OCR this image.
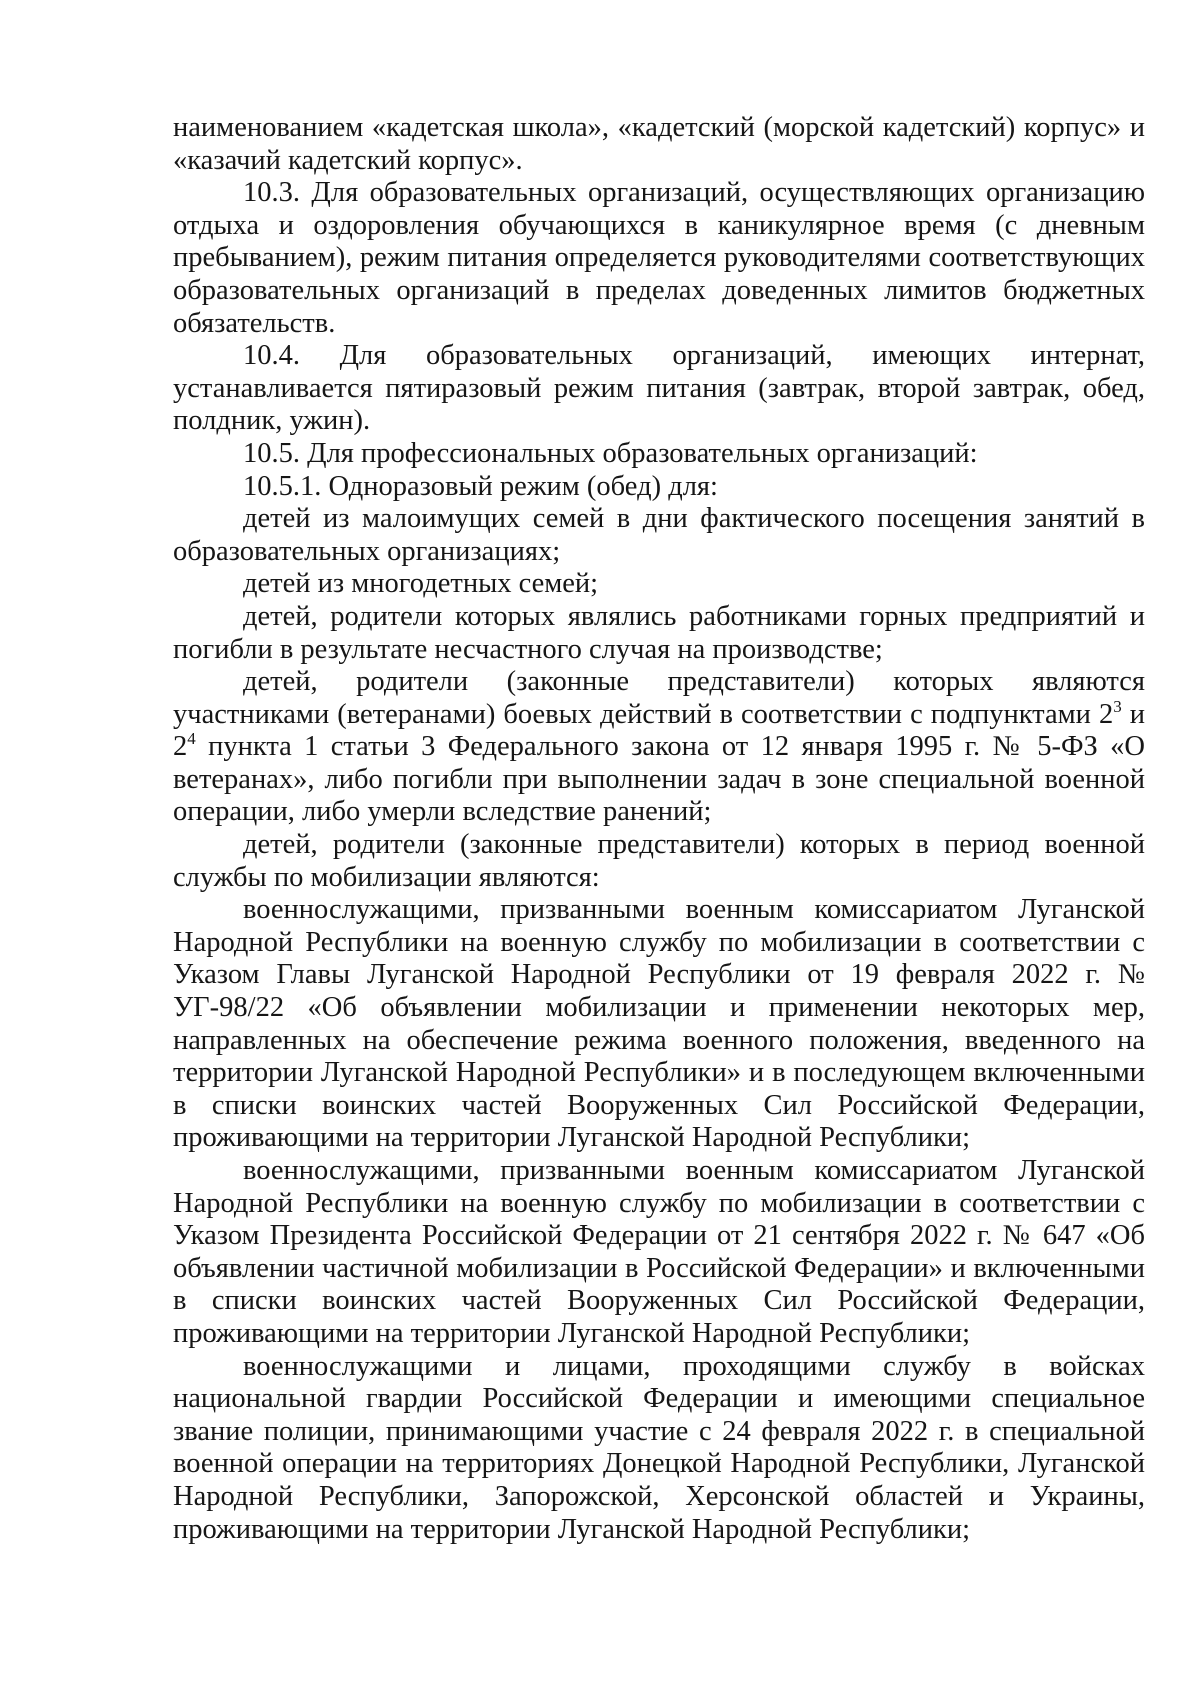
наименованием «кадетская школа», «кадетский (морской кадетский) корпус» и «казачий кадетский корпус».

10.3. Для образовательных организаций, осуществляющих организацию отдыха и оздоровления обучающихся в каникулярное время (с дневным пребыванием), режим питания определяется руководителями соответствующих образовательных организаций в пределах доведенных лимитов бюджетных обязательств.

10.4. Для образовательных организаций, имеющих интернат, устанавливается пятиразовый режим питания (завтрак, второй завтрак, обед, полдник, ужин).

10.5. Для профессиональных образовательных организаций:

10.5.1. Одноразовый режим (обед) для:

детей из малоимущих семей в дни фактического посещения занятий в образовательных организациях;

детей из многодетных семей;

детей, родители которых являлись работниками горных предприятий и погибли в результате несчастного случая на производстве;

детей, родители (законные представители) которых являются участниками (ветеранами) боевых действий в соответствии с подпунктами $2^3$ и $2^4$ пункта 1 статьи 3 Федерального закона от 12 января 1995 г. № 5-ФЗ «О ветеранах», либо погибли при выполнении задач в зоне специальной военной операции, либо умерли вследствие ранений;

детей, родители (законные представители) которых в период военной службы по мобилизации являются:

военнослужащими, призванными военным комиссариатом Луганской Народной Республики на военную службу по мобилизации в соответствии с Указом Главы Луганской Народной Республики от 19 февраля 2022 г. № УГ-98/22 «Об объявлении мобилизации и применении некоторых мер, направленных на обеспечение режима военного положения, введенного на территории Луганской Народной Республики» и в последующем включенными в списки воинских частей Вооруженных Сил Российской Федерации, проживающими на территории Луганской Народной Республики;

военнослужащими, призванными военным комиссариатом Луганской Народной Республики на военную службу по мобилизации в соответствии с Указом Президента Российской Федерации от 21 сентября 2022 г. № 647 «Об объявлении частичной мобилизации в Российской Федерации» и включенными в списки воинских частей Вооруженных Сил Российской Федерации, проживающими на территории Луганской Народной Республики;

военнослужащими и лицами, проходящими службу в войсках национальной гвардии Российской Федерации и имеющими специальное звание полиции, принимающими участие с 24 февраля 2022 г. в специальной военной операции на территориях Донецкой Народной Республики, Луганской Народной Республики, Запорожской, Херсонской областей и Украины, проживающими на территории Луганской Народной Республики;
